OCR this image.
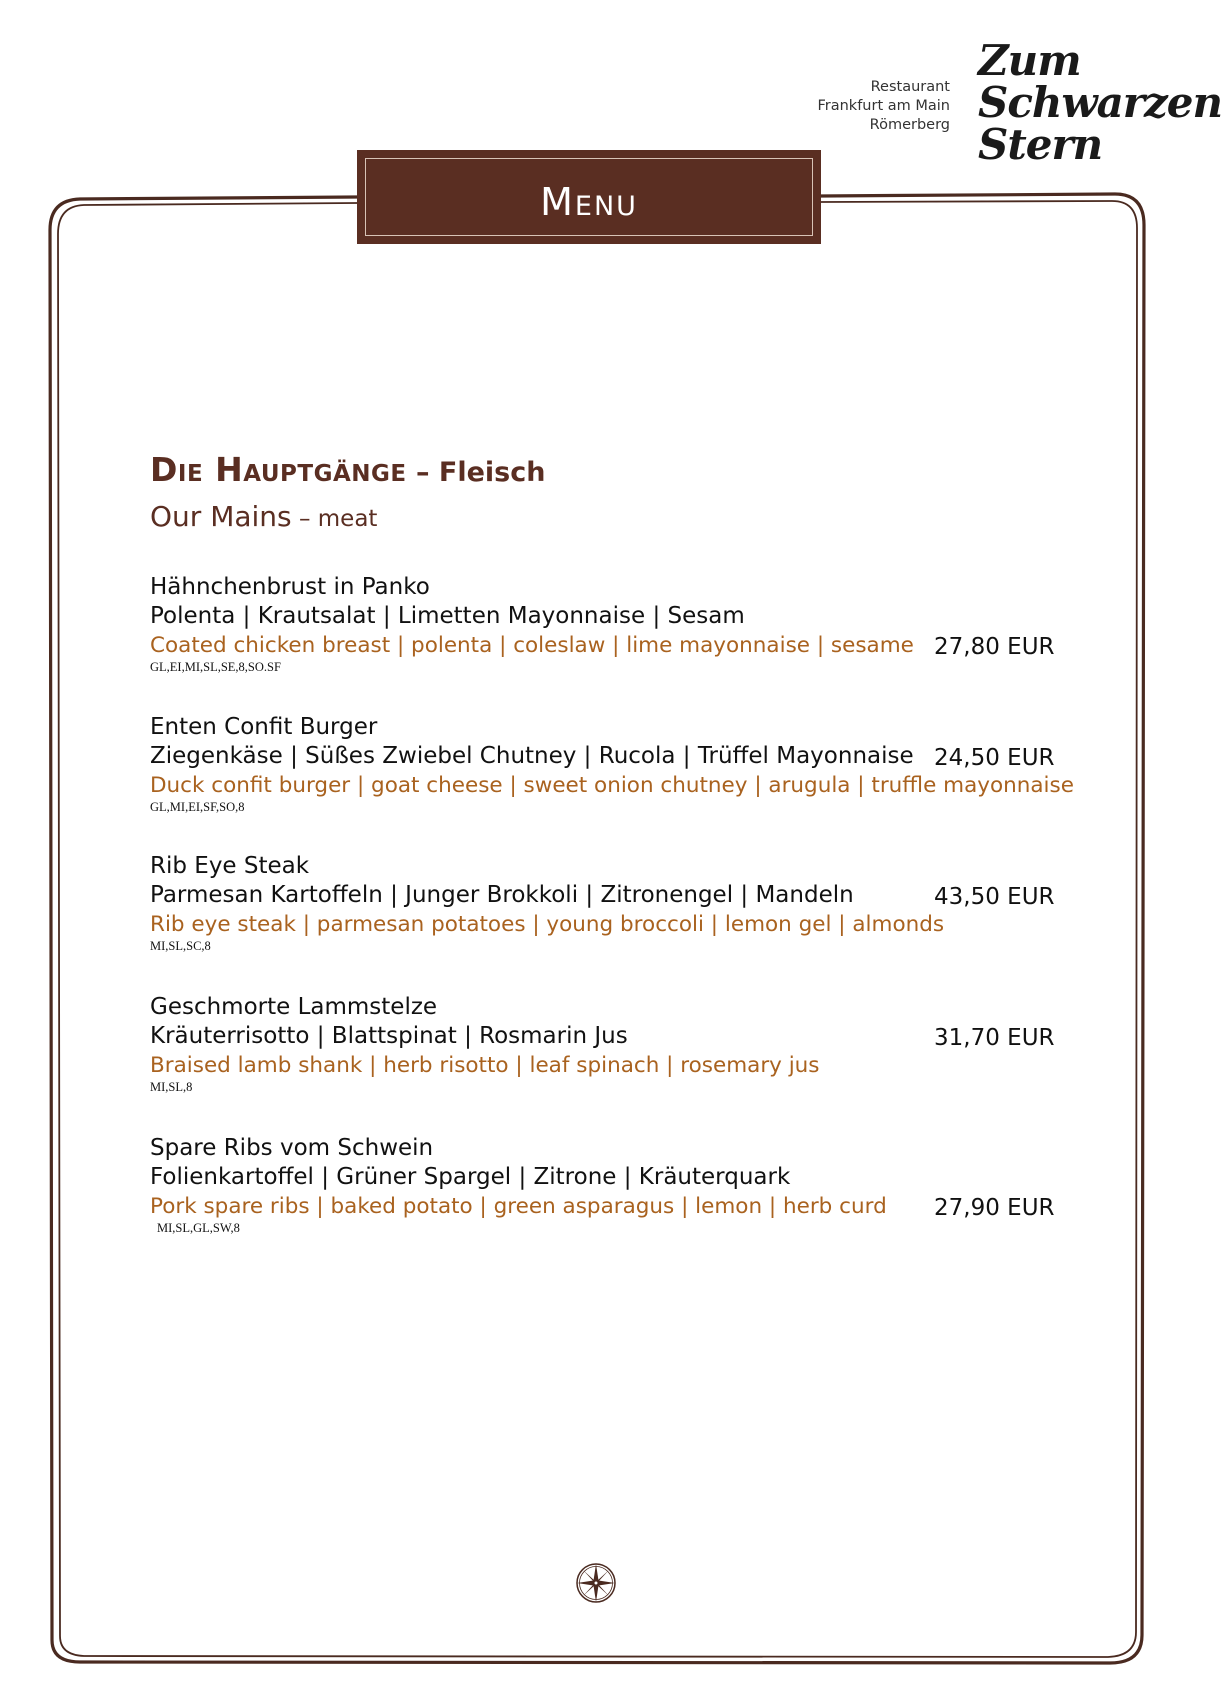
Restaurant
Frankfurt am Main
Römerberg
Zum
Schwarzen
Stern
Menu
Die Hauptgänge – Fleisch
Our Mains – meat
Hähnchenbrust in Panko
Polenta | Krautsalat | Limetten Mayonnaise | Sesam
Coated chicken breast | polenta | coleslaw | lime mayonnaise | sesame
GL,EI,MI,SL,SE,8,SO.SF
27,80 EUR
Enten Confit Burger
Ziegenkäse | Süßes Zwiebel Chutney | Rucola | Trüffel Mayonnaise
Duck confit burger | goat cheese | sweet onion chutney | arugula | truffle mayonnaise
GL,MI,EI,SF,SO,8
24,50 EUR
Rib Eye Steak
Parmesan Kartoffeln | Junger Brokkoli | Zitronengel | Mandeln
Rib eye steak | parmesan potatoes | young broccoli | lemon gel | almonds
MI,SL,SC,8
43,50 EUR
Geschmorte Lammstelze
Kräuterrisotto | Blattspinat | Rosmarin Jus
Braised lamb shank | herb risotto | leaf spinach | rosemary jus
MI,SL,8
31,70 EUR
Spare Ribs vom Schwein
Folienkartoffel | Grüner Spargel | Zitrone | Kräuterquark
Pork spare ribs | baked potato | green asparagus | lemon | herb curd
MI,SL,GL,SW,8
27,90 EUR
